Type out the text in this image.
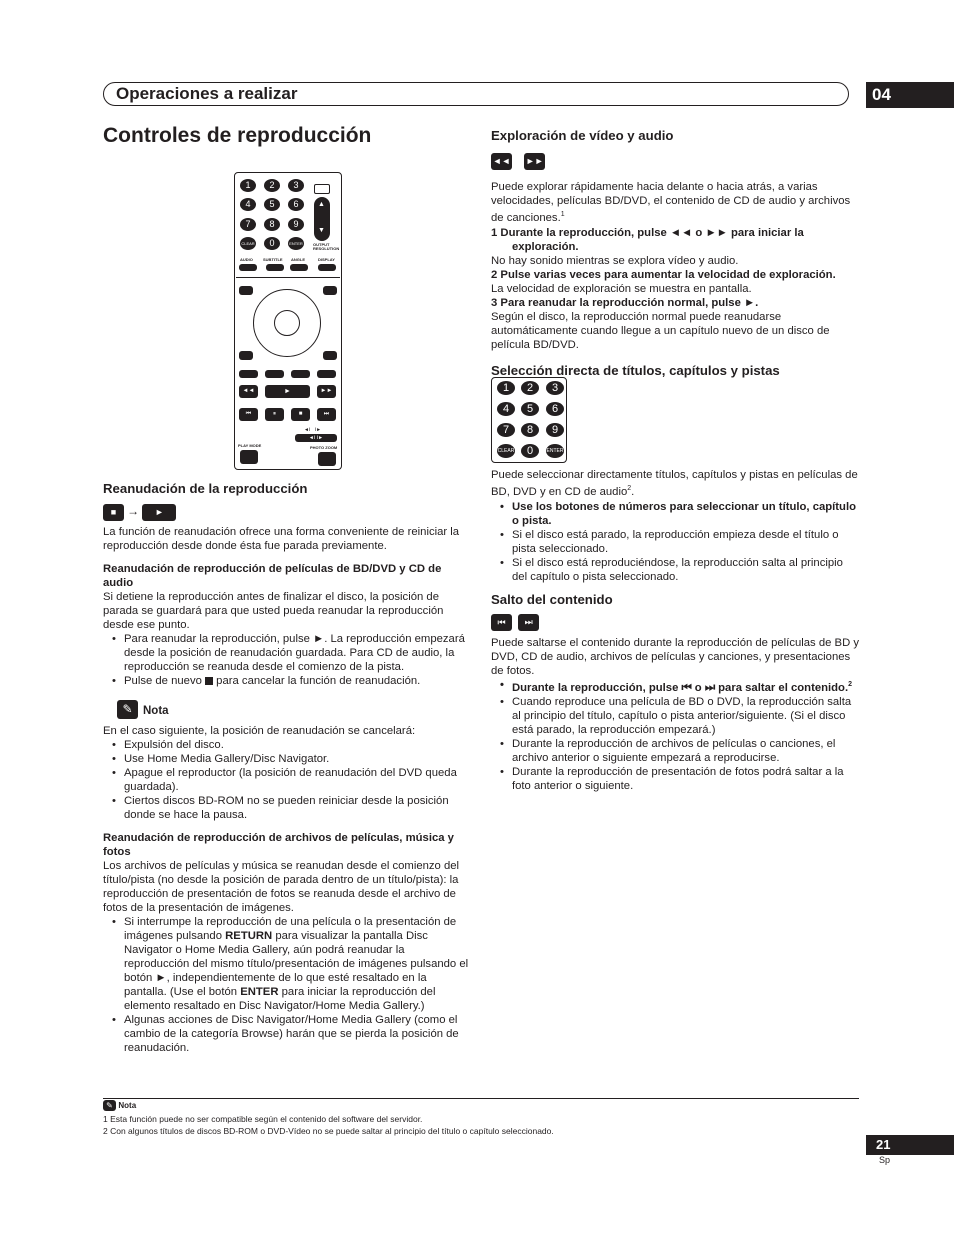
Operaciones a realizar	04
Controles de reproducción
1	2	3
4	5	6
7	8	9
CLEAR	0	ENTER
▲
▼
OUTPUT RESOLUTION
AUDIO	SUBTITLE ANGLE	DISPLAY
◄◄	►	►►
⏮	⏸	■	⏭
◄Ⅰ   Ⅰ►
◄Ⅰ Ⅰ►
PLAY MODE	PHOTO ZOOM
Reanudación de la reproducción
■ → ►

La función de reanudación ofrece una forma conveniente de reiniciar la reproducción desde donde ésta fue parada previamente.

Reanudación de reproducción de películas de BD/DVD y CD de audio

Si detiene la reproducción antes de finalizar el disco, la posición de parada se guardará para que usted pueda reanudar la reproducción desde ese punto.

• Para reanudar la reproducción, pulse ►. La reproducción empezará desde la posición de reanudación guardada. Para CD de audio, la reproducción se reanuda desde el comienzo de la pista.

• Pulse de nuevo para cancelar la función de reanudación.

✎ Nota

En el caso siguiente, la posición de reanudación se cancelará:

• Expulsión del disco.

• Use Home Media Gallery/Disc Navigator.

• Apague el reproductor (la posición de reanudación del DVD queda guardada).

• Ciertos discos BD-ROM no se pueden reiniciar desde la posición donde se hace la pausa.

Reanudación de reproducción de archivos de películas, música y fotos

Los archivos de películas y música se reanudan desde el comienzo del título/pista (no desde la posición de parada dentro de un título/pista): la reproducción de presentación de fotos se reanuda desde el archivo de fotos de la presentación de imágenes.

• Si interrumpe la reproducción de una película o la presentación de imágenes pulsando RETURN para visualizar la pantalla Disc Navigator o Home Media Gallery, aún podrá reanudar la reproducción del mismo título/presentación de imágenes pulsando el botón ►, independientemente de lo que esté resaltado en la pantalla. (Use el botón ENTER para iniciar la reproducción del elemento resaltado en Disc Navigator/Home Media Gallery.)

• Algunas acciones de Disc Navigator/Home Media Gallery (como el cambio de la categoría Browse) harán que se pierda la posición de reanudación.

Exploración de vídeo y audio
◄◄ ►►

Puede explorar rápidamente hacia delante o hacia atrás, a varias velocidades, películas BD/DVD, el contenido de CD de audio y archivos de canciones.$^1$

1 Durante la reproducción, pulse ◄◄ o ►► para iniciar la exploración.

No hay sonido mientras se explora vídeo y audio.

2 Pulse varias veces para aumentar la velocidad de exploración.

La velocidad de exploración se muestra en pantalla.

3 Para reanudar la reproducción normal, pulse ►.

Según el disco, la reproducción normal puede reanudarse automáticamente cuando llegue a un capítulo nuevo de un disco de película BD/DVD.

Selección directa de títulos, capítulos y pistas
1	2	3
4	5	6
7	8	9
CLEAR	0	ENTER

Puede seleccionar directamente títulos, capítulos y pistas en películas de BD, DVD y en CD de audio$^2$.

• Use los botones de números para seleccionar un título, capítulo o pista.

• Si el disco está parado, la reproducción empieza desde el título o pista seleccionado.

• Si el disco está reproduciéndose, la reproducción salta al principio del capítulo o pista seleccionado.

Salto del contenido
⏮ ⏭

Puede saltarse el contenido durante la reproducción de películas de BD y DVD, CD de audio, archivos de películas y canciones, y presentaciones de fotos.

• Durante la reproducción, pulse ⏮ o ⏭ para saltar el contenido.$^2$

• Cuando reproduce una película de BD o DVD, la reproducción salta al principio del título, capítulo o pista anterior/siguiente. (Si el disco está parado, la reproducción empezará.)

• Durante la reproducción de archivos de películas o canciones, el archivo anterior o siguiente empezará a reproducirse.

• Durante la reproducción de presentación de fotos podrá saltar a la foto anterior o siguiente.

✎ Nota
1 Esta función puede no ser compatible según el contenido del software del servidor.
2 Con algunos títulos de discos BD-ROM o DVD-Vídeo no se puede saltar al principio del título o capítulo seleccionado.
21
Sp
